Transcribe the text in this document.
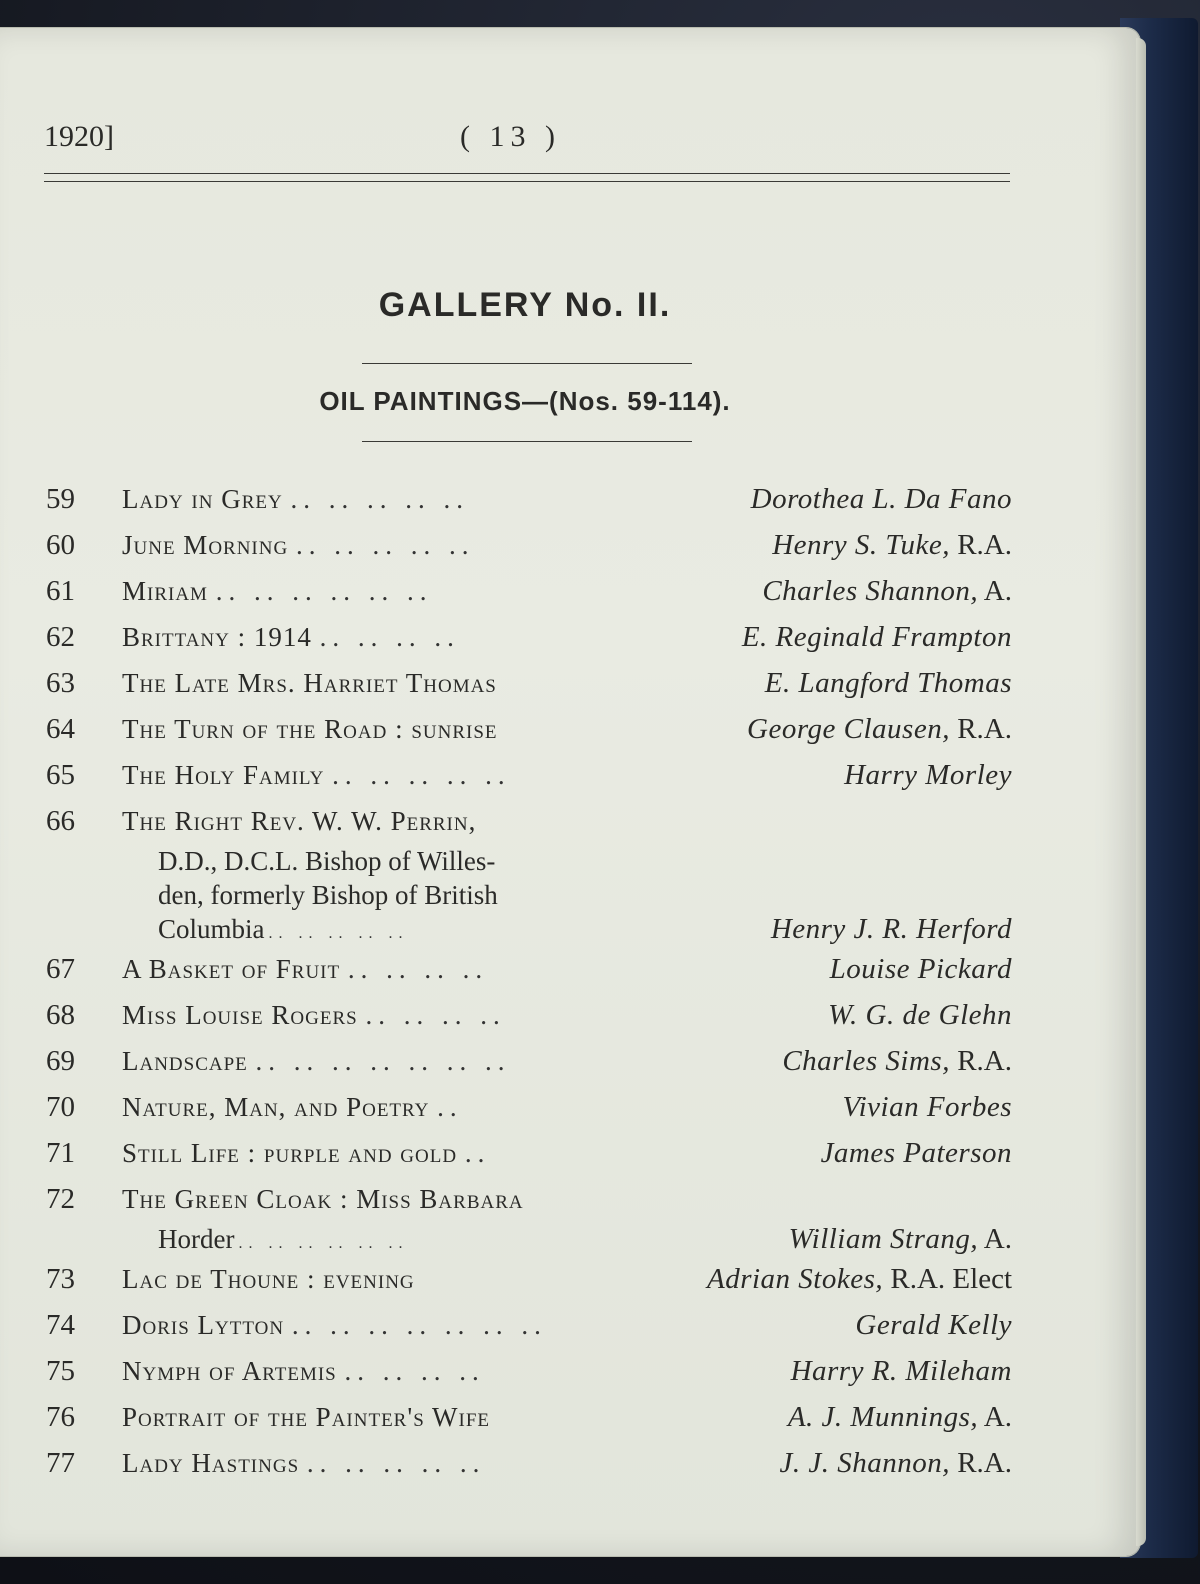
1920]	( 13 )
GALLERY No. II.
OIL PAINTINGS—(Nos. 59-114).
59	Lady in Grey .. .. .. .. ..	Dorothea L. Da Fano
60	June Morning .. .. .. .. ..	Henry S. Tuke, R.A.
61	Miriam .. .. .. .. .. ..	Charles Shannon, A.
62	Brittany : 1914 .. .. .. ..	E. Reginald Frampton
63	The Late Mrs. Harriet Thomas	E. Langford Thomas
64	The Turn of the Road : sunrise	George Clausen, R.A.
65	The Holy Family .. .. .. .. ..	Harry Morley
66	The Right Rev. W. W. Perrin,
D.D., D.C.L. Bishop of Willes-
den, formerly Bishop of British
Columbia .. .. .. .. ..	Henry J. R. Herford
67	A Basket of Fruit .. .. .. ..	Louise Pickard
68	Miss Louise Rogers .. .. .. ..	W. G. de Glehn
69	Landscape .. .. .. .. .. .. ..	Charles Sims, R.A.
70	Nature, Man, and Poetry ..	Vivian Forbes
71	Still Life : purple and gold ..	James Paterson
72	The Green Cloak : Miss Barbara
Horder .. .. .. .. .. ..	William Strang, A.
73	Lac de Thoune : evening	Adrian Stokes, R.A. Elect
74	Doris Lytton .. .. .. .. .. .. ..	Gerald Kelly
75	Nymph of Artemis .. .. .. ..	Harry R. Mileham
76	Portrait of the Painter's Wife	A. J. Munnings, A.
77	Lady Hastings .. .. .. .. ..	J. J. Shannon, R.A.
